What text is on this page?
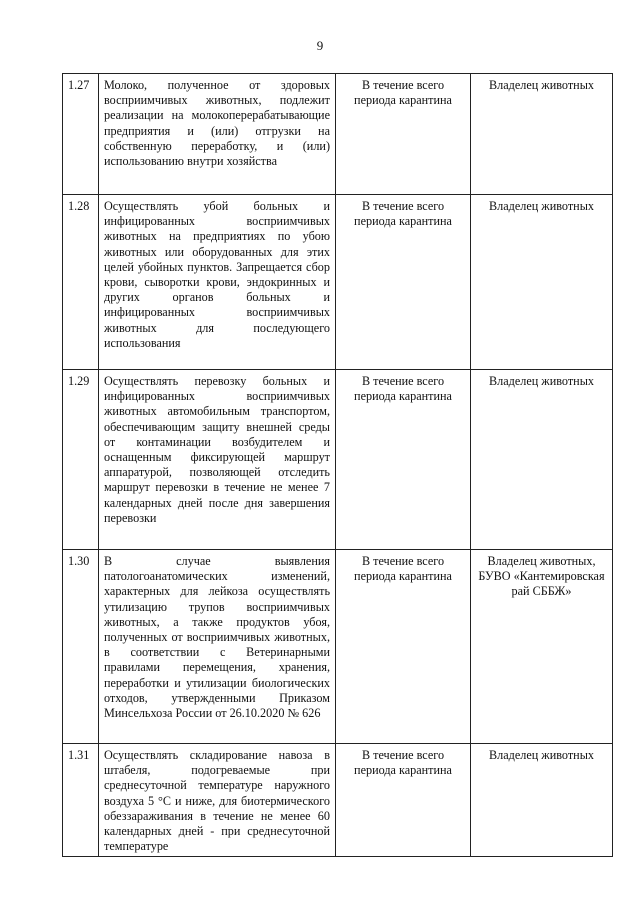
9
1.27	Молоко, полученное от здоровых восприимчивых животных, подлежит реализации на молокоперерабатывающие предприятия и (или) отгрузки на собственную переработку, и (или) использованию внутри хозяйства	В течение всего периода карантина	Владелец животных
1.28	Осуществлять убой больных и инфицированных восприимчивых животных на предприятиях по убою животных или оборудованных для этих целей убойных пунктов. Запрещается сбор крови, сыворотки крови, эндокринных и других органов больных и инфицированных восприимчивых животных для последующего использования	В течение всего периода карантина	Владелец животных
1.29	Осуществлять перевозку больных и инфицированных восприимчивых животных автомобильным транспортом, обеспечивающим защиту внешней среды от контаминации возбудителем и оснащенным фиксирующей маршрут аппаратурой, позволяющей отследить маршрут перевозки в течение не менее 7 календарных дней после дня завершения перевозки	В течение всего периода карантина	Владелец животных
1.30	В случае выявления патологоанатомических изменений, характерных для лейкоза осуществлять утилизацию трупов восприимчивых животных, а также продуктов убоя, полученных от восприимчивых животных, в соответствии с Ветеринарными правилами перемещения, хранения, переработки и утилизации биологических отходов, утвержденными Приказом Минсельхоза России от 26.10.2020 № 626	В течение всего периода карантина	Владелец животных, БУВО «Кантемировская рай СББЖ»
1.31	Осуществлять складирование навоза в штабеля, подогреваемые при среднесуточной температуре наружного воздуха 5 °С и ниже, для биотермического обеззараживания в течение не менее 60 календарных дней - при среднесуточной температуре	В течение всего периода карантина	Владелец животных
